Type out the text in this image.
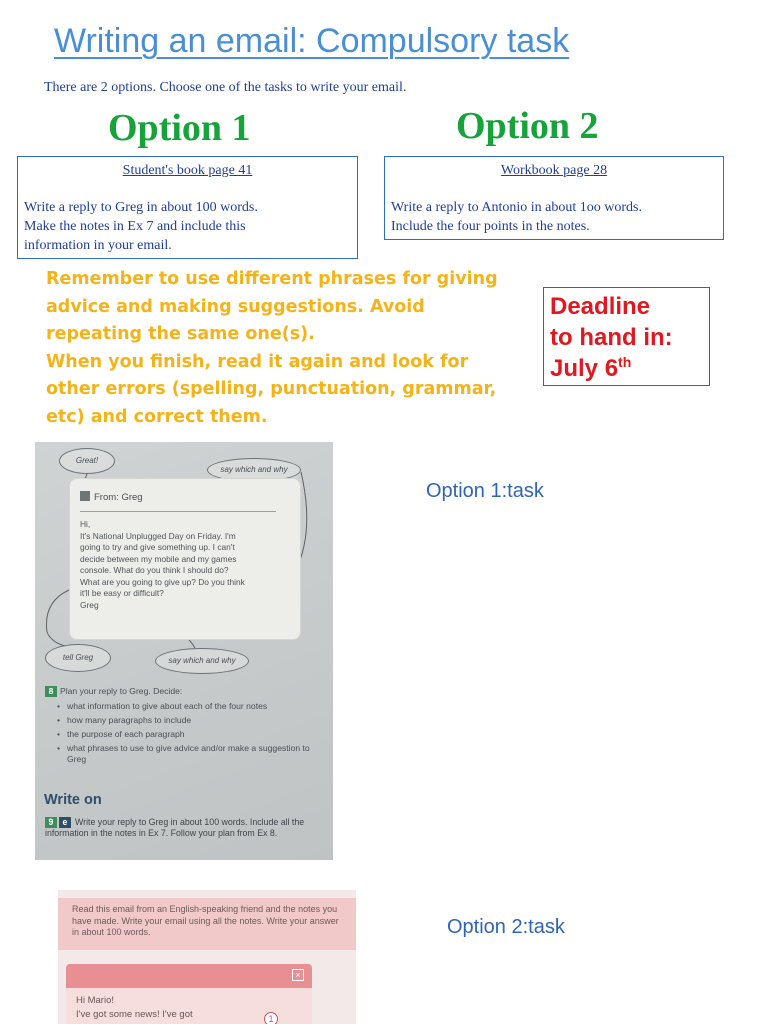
Writing an email: Compulsory task
There are 2 options. Choose one of the tasks to write your email.
Option 1	Option 2
Student's book page 41

Write a reply to Greg in about 100 words.

Make the notes in Ex 7 and include this

information in your email.

Workbook page 28

Write a reply to Antonio in about 1oo words.

Include the four points in the notes.

Remember to use different phrases for giving
advice and making suggestions. Avoid
repeating the same one(s).
When you finish, read it again and look for
other errors (spelling, punctuation, grammar,
etc) and correct them.
Deadline
to hand in:
July 6th
Great!
say which and why
From: Greg
Hi,
It's National Unplugged Day on Friday. I'm
going to try and give something up. I can't
decide between my mobile and my games
console. What do you think I should do?
What are you going to give up? Do you think
it'll be easy or difficult?
Greg
tell Greg	say which and why
8 Plan your reply to Greg. Decide:
• what information to give about each of the four notes
• how many paragraphs to include
• the purpose of each paragraph
• what phrases to use to give advice and/or make a suggestion to Greg
Write on
9 e Write your reply to Greg in about 100 words. Include all the information in the notes in Ex 7. Follow your plan from Ex 8.
Option 1:task
Read this email from an English-speaking friend and the notes you have made. Write your email using all the notes. Write your answer in about 100 words.
×
Hi Mario!
I've got some news! I've got	1
Option 2:task
